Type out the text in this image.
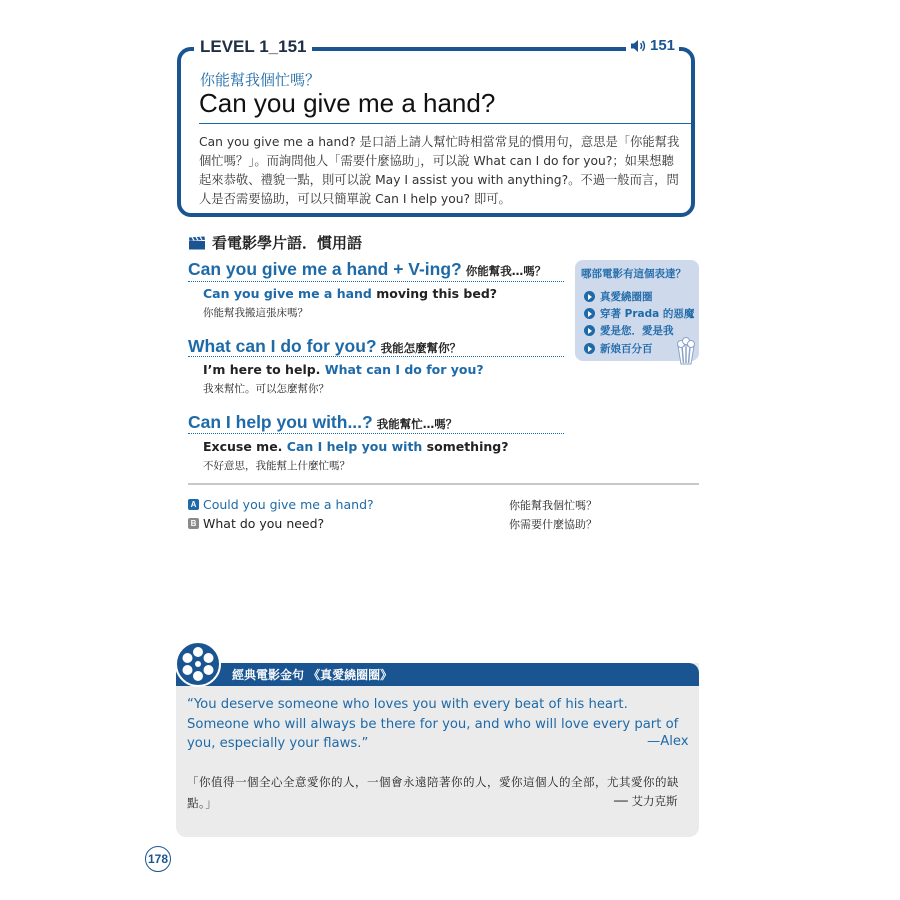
LEVEL 1_151	151
你能幫我個忙嗎？
Can you give me a hand?
Can you give me a hand? 是口語上請人幫忙時相當常見的慣用句，意思是「你能幫我個忙嗎？」。而詢問他人「需要什麼協助」，可以說 What can I do for you?；如果想聽起來恭敬、禮貌一點，則可以說 May I assist you with anything?。不過一般而言，問人是否需要協助，可以只簡單說 Can I help you? 即可。
看電影學片語．慣用語
Can you give me a hand + V-ing? 你能幫我…嗎？
Can you give me a hand moving this bed?
你能幫我搬這張床嗎？
What can I do for you? 我能怎麼幫你？
I’m here to help. What can I do for you?
我來幫忙。可以怎麼幫你？
Can I help you with...? 我能幫忙…嗎？
Excuse me. Can I help you with something?
不好意思，我能幫上什麼忙嗎？
哪部電影有這個表達？
真愛繞圈圈
穿著 Prada 的惡魔
愛是您．愛是我
新娘百分百
A Could you give me a hand?	你能幫我個忙嗎？
B What do you need?	你需要什麼協助？
經典電影金句 《真愛繞圈圈》
“You deserve someone who loves you with every beat of his heart. Someone who will always be there for you, and who will love every part of you, especially your flaws.”	—Alex
「你值得一個全心全意愛你的人，一個會永遠陪著你的人，愛你這個人的全部，尤其愛你的缺點。」	── 艾力克斯
178
